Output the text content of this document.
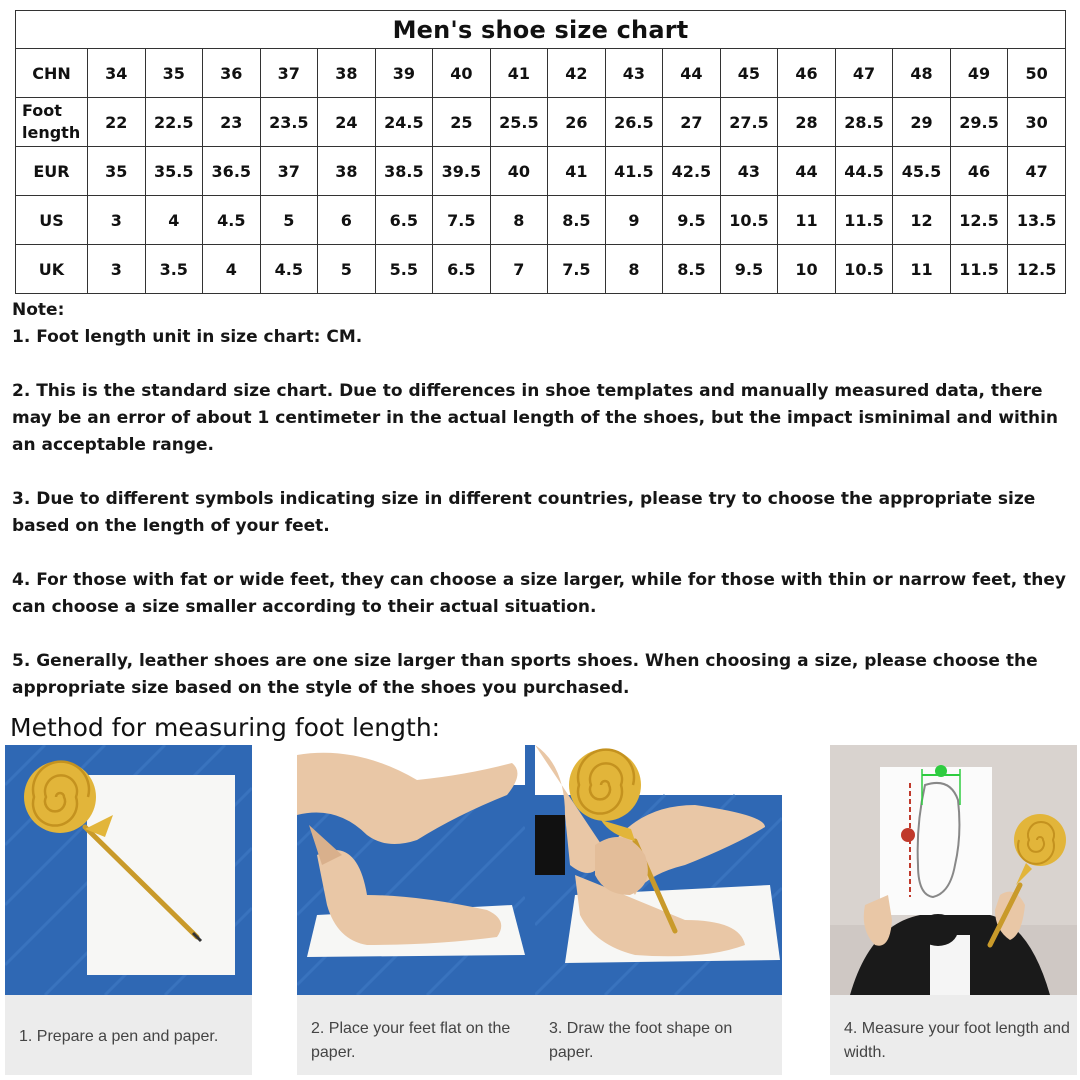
Men's shoe size chart																	
CHN	34	35	36	37	38	39	40	41	42	43	44	45	46	47	48	49	50
Foot length	22	22.5	23	23.5	24	24.5	25	25.5	26	26.5	27	27.5	28	28.5	29	29.5	30
EUR	35	35.5	36.5	37	38	38.5	39.5	40	41	41.5	42.5	43	44	44.5	45.5	46	47
US	3	4	4.5	5	6	6.5	7.5	8	8.5	9	9.5	10.5	11	11.5	12	12.5	13.5
UK	3	3.5	4	4.5	5	5.5	6.5	7	7.5	8	8.5	9.5	10	10.5	11	11.5	12.5
Note:

1. Foot length unit in size chart: CM.

2. This is the standard size chart. Due to differences in shoe templates and manually measured data, there may be an error of about 1 centimeter in the actual length of the shoes, but the impact isminimal and within an acceptable range.

3. Due to different symbols indicating size in different countries, please try to choose the appropriate size based on the length of your feet.

4. For those with fat or wide feet, they can choose a size larger, while for those with thin or narrow feet, they can choose a size smaller according to their actual situation.

5. Generally, leather shoes are one size larger than sports shoes. When choosing a size, please choose the appropriate size based on the style of the shoes you purchased.

Method for measuring foot length:
1. Prepare a pen and paper.	2. Place your feet flat on the paper.
3. Draw the foot shape on paper.
4. Measure your foot length and width.
